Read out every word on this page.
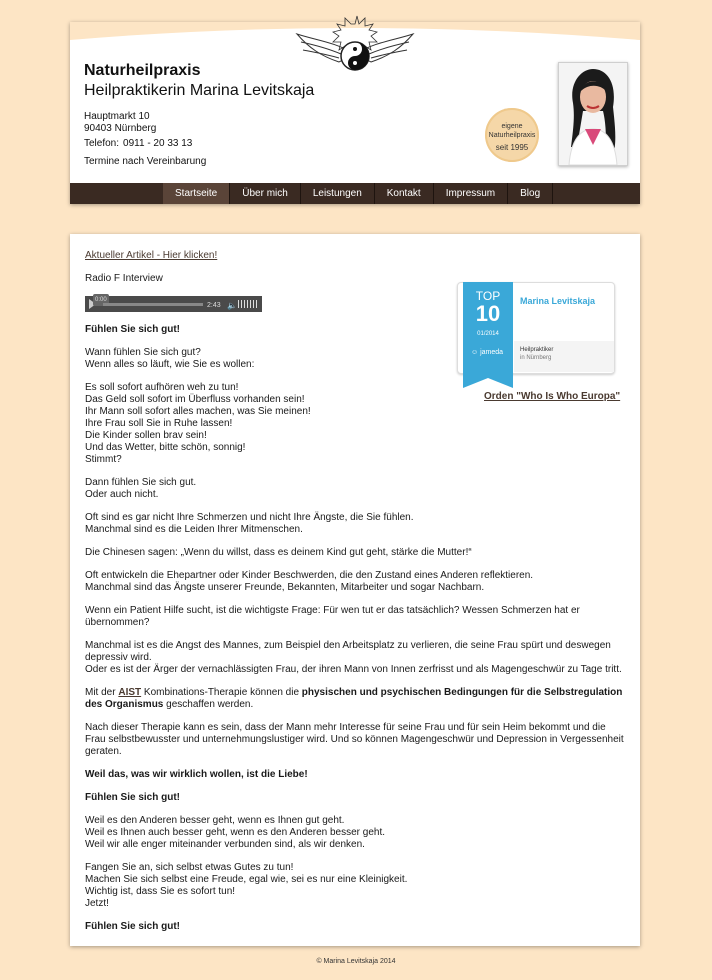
Naturheilpraxis
Heilpraktikerin Marina Levitskaja
Hauptmarkt 10
90403 Nürnberg
Telefon: 0911 - 20 33 13
Termine nach Vereinbarung
eigene
Naturheilpraxis
seit 1995
Startseite	Über mich	Leistungen	Kontakt	Impressum	Blog

Aktueller Artikel - Hier klicken!

Radio F Interview

0:00
2:43 🔈

Fühlen Sie sich gut!

Wann fühlen Sie sich gut?
Wenn alles so läuft, wie Sie es wollen:

Es soll sofort aufhören weh zu tun!
Das Geld soll sofort im Überfluss vorhanden sein!
Ihr Mann soll sofort alles machen, was Sie meinen!
Ihre Frau soll Sie in Ruhe lassen!
Die Kinder sollen brav sein!
Und das Wetter, bitte schön, sonnig!
Stimmt?

Dann fühlen Sie sich gut.
Oder auch nicht.

Oft sind es gar nicht Ihre Schmerzen und nicht Ihre Ängste, die Sie fühlen.
Manchmal sind es die Leiden Ihrer Mitmenschen.

Die Chinesen sagen: „Wenn du willst, dass es deinem Kind gut geht, stärke die Mutter!“

Oft entwickeln die Ehepartner oder Kinder Beschwerden, die den Zustand eines Anderen reflektieren.
Manchmal sind das Ängste unserer Freunde, Bekannten, Mitarbeiter und sogar Nachbarn.

Wenn ein Patient Hilfe sucht, ist die wichtigste Frage: Für wen tut er das tatsächlich? Wessen Schmerzen hat er übernommen?

Manchmal ist es die Angst des Mannes, zum Beispiel den Arbeitsplatz zu verlieren, die seine Frau spürt und deswegen depressiv wird.
Oder es ist der Ärger der vernachlässigten Frau, der ihren Mann von Innen zerfrisst und als Magengeschwür zu Tage tritt.

Mit der AIST Kombinations-Therapie können die physischen und psychischen Bedingungen für die Selbstregulation des Organismus geschaffen werden.

Nach dieser Therapie kann es sein, dass der Mann mehr Interesse für seine Frau und für sein Heim bekommt und die Frau selbstbewusster und unternehmungslustiger wird. Und so können Magengeschwür und Depression in Vergessenheit geraten.

Weil das, was wir wirklich wollen, ist die Liebe!

Fühlen Sie sich gut!

Weil es den Anderen besser geht, wenn es Ihnen gut geht.
Weil es Ihnen auch besser geht, wenn es den Anderen besser geht.
Weil wir alle enger miteinander verbunden sind, als wir denken.

Fangen Sie an, sich selbst etwas Gutes zu tun!
Machen Sie sich selbst eine Freude, egal wie, sei es nur eine Kleinigkeit.
Wichtig ist, dass Sie es sofort tun!
Jetzt!

Fühlen Sie sich gut!

TOP
10
01/2014
☺ jameda
Marina Levitskaja
Heilpraktiker
in Nürnberg
Orden "Who Is Who Europa"
© Marina Levitskaja 2014
